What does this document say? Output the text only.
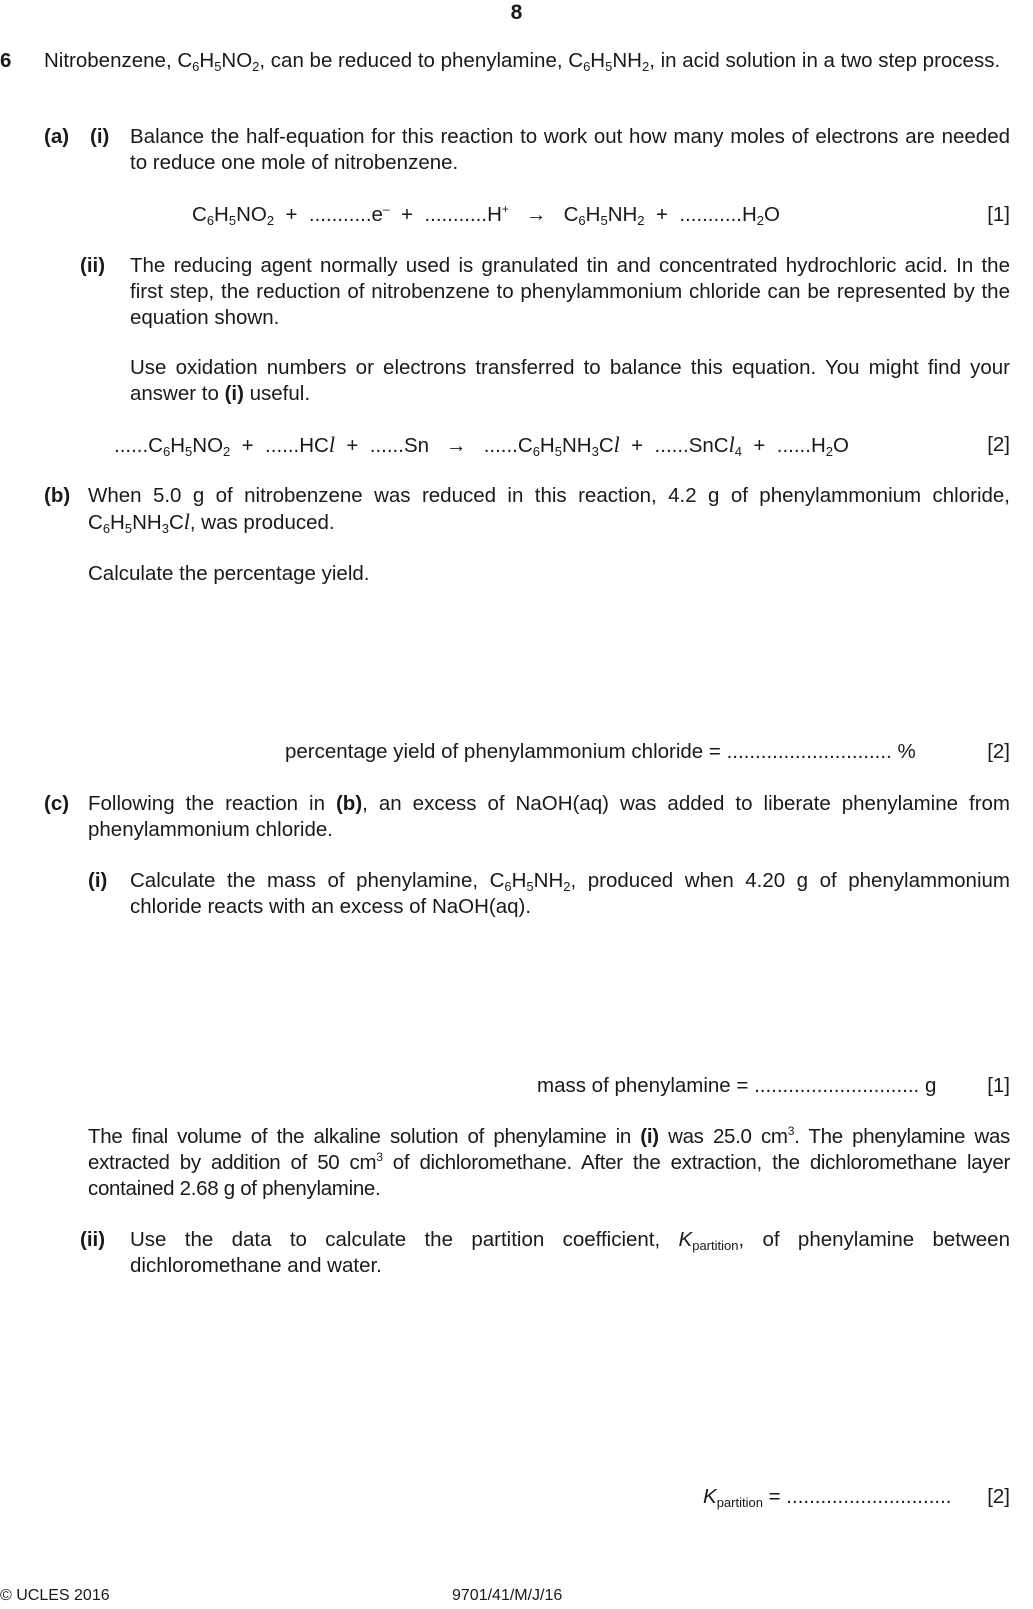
8
6 Nitrobenzene, $C_6H_5NO_2$, can be reduced to phenylamine, $C_6H_5NH_2$, in acid solution in a two step process.
(a) (i) Balance the half-equation for this reaction to work out how many moles of electrons are needed to reduce one mole of nitrobenzene.
$C_6H_5NO_2 + ...........e^- + ...........H^+ \to C_6H_5NH_2 + ...........H_2O$	[1]
(ii) The reducing agent normally used is granulated tin and concentrated hydrochloric acid. In the first step, the reduction of nitrobenzene to phenylammonium chloride can be represented by the equation shown.
Use oxidation numbers or electrons transferred to balance this equation. You might find your answer to (i) useful.
$......C_6H_5NO_2 + ......HCl + ......Sn \to ......C_6H_5NH_3Cl$ + ......SnCl$_4$ + $......H_2O$	[2]
(b) When 5.0 g of nitrobenzene was reduced in this reaction, 4.2 g of phenylammonium chloride, $C_6H_5NH_3Cl$, was produced.
Calculate the percentage yield.
percentage yield of phenylammonium chloride = ............................. %	[2]
(c) Following the reaction in (b), an excess of NaOH(aq) was added to liberate phenylamine from phenylammonium chloride.
(i) Calculate the mass of phenylamine, $C_6H_5NH_2$, produced when 4.20 g of phenylammonium chloride reacts with an excess of NaOH(aq).
mass of phenylamine = ............................. g [1]
The final volume of the alkaline solution of phenylamine in (i) was 25.0 $cm^3$. The phenylamine was extracted by addition of 50 $cm^3$ of dichloromethane. After the extraction, the dichloromethane layer contained 2.68 g of phenylamine.
(ii) Use the data to calculate the partition coefficient, $K_{partition}$, of phenylamine between dichloromethane and water.
$K_{partition}$ = ............................. [2]
© UCLES 2016	9701/41/M/J/16
